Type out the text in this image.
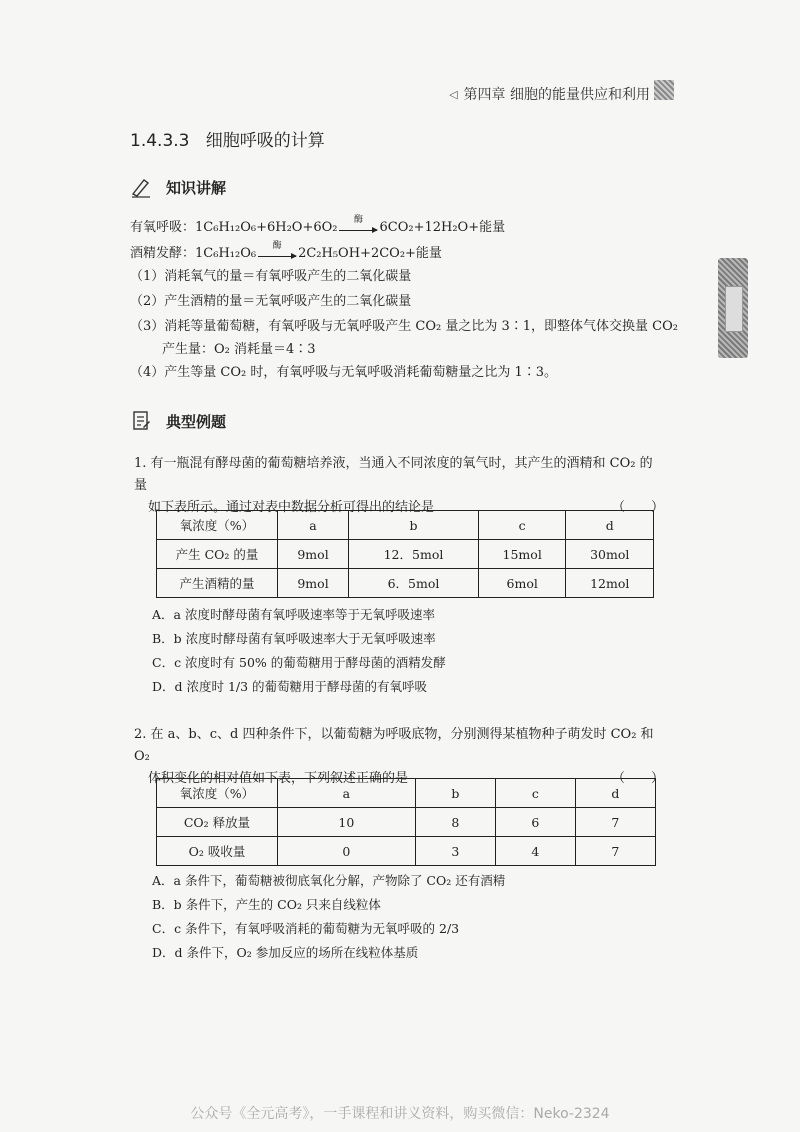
◁ 第四章 细胞的能量供应和利用
1.4.3.3 细胞呼吸的计算
知识讲解
有氧呼吸：1C₆H₁₂O₆+6H₂O+6O₂	酶	6CO₂+12H₂O+能量
酒精发酵：1C₆H₁₂O₆	酶	2C₂H₅OH+2CO₂+能量
（1）消耗氧气的量＝有氧呼吸产生的二氧化碳量
（2）产生酒精的量＝无氧呼吸产生的二氧化碳量
（3）消耗等量葡萄糖，有氧呼吸与无氧呼吸产生 CO₂ 量之比为 3∶1，即整体气体交换量 CO₂
产生量：O₂ 消耗量＝4∶3
（4）产生等量 CO₂ 时，有氧呼吸与无氧呼吸消耗葡萄糖量之比为 1∶3。
典型例题
1. 有一瓶混有酵母菌的葡萄糖培养液，当通入不同浓度的氧气时，其产生的酒精和 CO₂ 的量
如下表所示。通过对表中数据分析可得出的结论是	（　　）
氧浓度（%）	a	b	c	d
产生 CO₂ 的量	9mol	12．5mol	15mol	30mol
产生酒精的量	9mol	6．5mol	6mol	12mol
A．a 浓度时酵母菌有氧呼吸速率等于无氧呼吸速率
B．b 浓度时酵母菌有氧呼吸速率大于无氧呼吸速率
C．c 浓度时有 50% 的葡萄糖用于酵母菌的酒精发酵
D．d 浓度时 1/3 的葡萄糖用于酵母菌的有氧呼吸
2. 在 a、b、c、d 四种条件下，以葡萄糖为呼吸底物，分别测得某植物种子萌发时 CO₂ 和 O₂
体积变化的相对值如下表，下列叙述正确的是	（　　）
氧浓度（%）	a	b	c	d
CO₂ 释放量	10	8	6	7
O₂ 吸收量	0	3	4	7
A．a 条件下，葡萄糖被彻底氧化分解，产物除了 CO₂ 还有酒精
B．b 条件下，产生的 CO₂ 只来自线粒体
C．c 条件下，有氧呼吸消耗的葡萄糖为无氧呼吸的 2/3
D．d 条件下，O₂ 参加反应的场所在线粒体基质
公众号《全元高考》，一手课程和讲义资料，购买微信：Neko-2324
